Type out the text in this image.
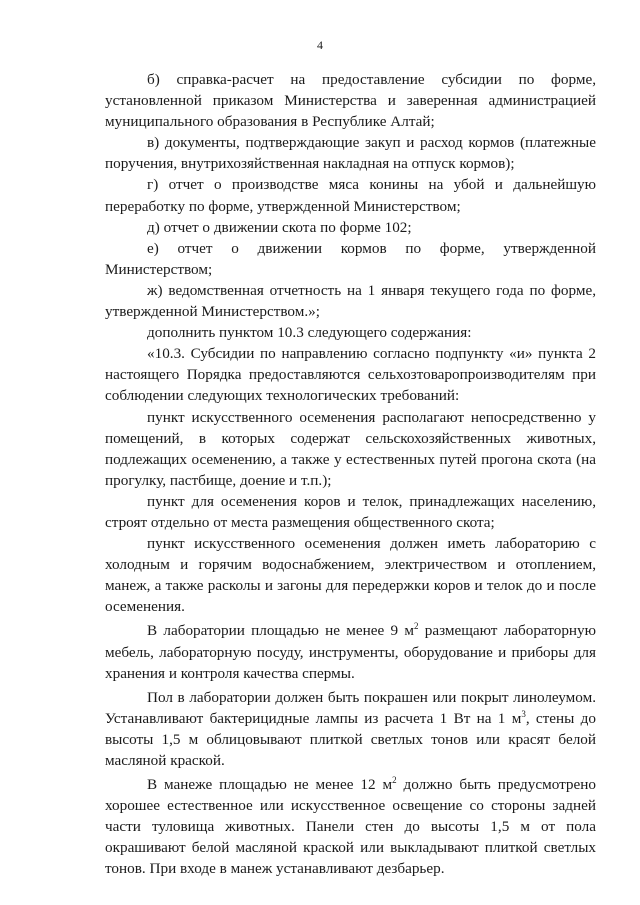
4

б) справка-расчет на предоставление субсидии по форме, установленной приказом Министерства и заверенная администрацией муниципального образования в Республике Алтай;

в) документы, подтверждающие закуп и расход кормов (платежные поручения, внутрихозяйственная накладная на отпуск кормов);

г) отчет о производстве мяса конины на убой и дальнейшую переработку по форме, утвержденной Министерством;

д) отчет о движении скота по форме 102;

е) отчет о движении кормов по форме, утвержденной Министерством;

ж) ведомственная отчетность на 1 января текущего года по форме, утвержденной Министерством.»;

дополнить пунктом 10.3 следующего содержания:

«10.3. Субсидии по направлению согласно подпункту «и» пункта 2 настоящего Порядка предоставляются сельхозтоваропроизводителям при соблюдении следующих технологических требований:

пункт искусственного осеменения располагают непосредственно у помещений, в которых содержат сельскохозяйственных животных, подлежащих осеменению, а также у естественных путей прогона скота (на прогулку, пастбище, доение и т.п.);

пункт для осеменения коров и телок, принадлежащих населению, строят отдельно от места размещения общественного скота;

пункт искусственного осеменения должен иметь лабораторию с холодным и горячим водоснабжением, электричеством и отоплением, манеж, а также расколы и загоны для передержки коров и телок до и после осеменения.

В лаборатории площадью не менее 9 $м^2$ размещают лабораторную мебель, лабораторную посуду, инструменты, оборудование и приборы для хранения и контроля качества спермы.

Пол в лаборатории должен быть покрашен или покрыт линолеумом. Устанавливают бактерицидные лампы из расчета 1 Вт на 1 $м^3$, стены до высоты 1,5 м облицовывают плиткой светлых тонов или красят белой масляной краской.

В манеже площадью не менее 12 $м^2$ должно быть предусмотрено хорошее естественное или искусственное освещение со стороны задней части туловища животных. Панели стен до высоты 1,5 м от пола окрашивают белой масляной краской или выкладывают плиткой светлых тонов. При входе в манеж устанавливают дезбарьер.
